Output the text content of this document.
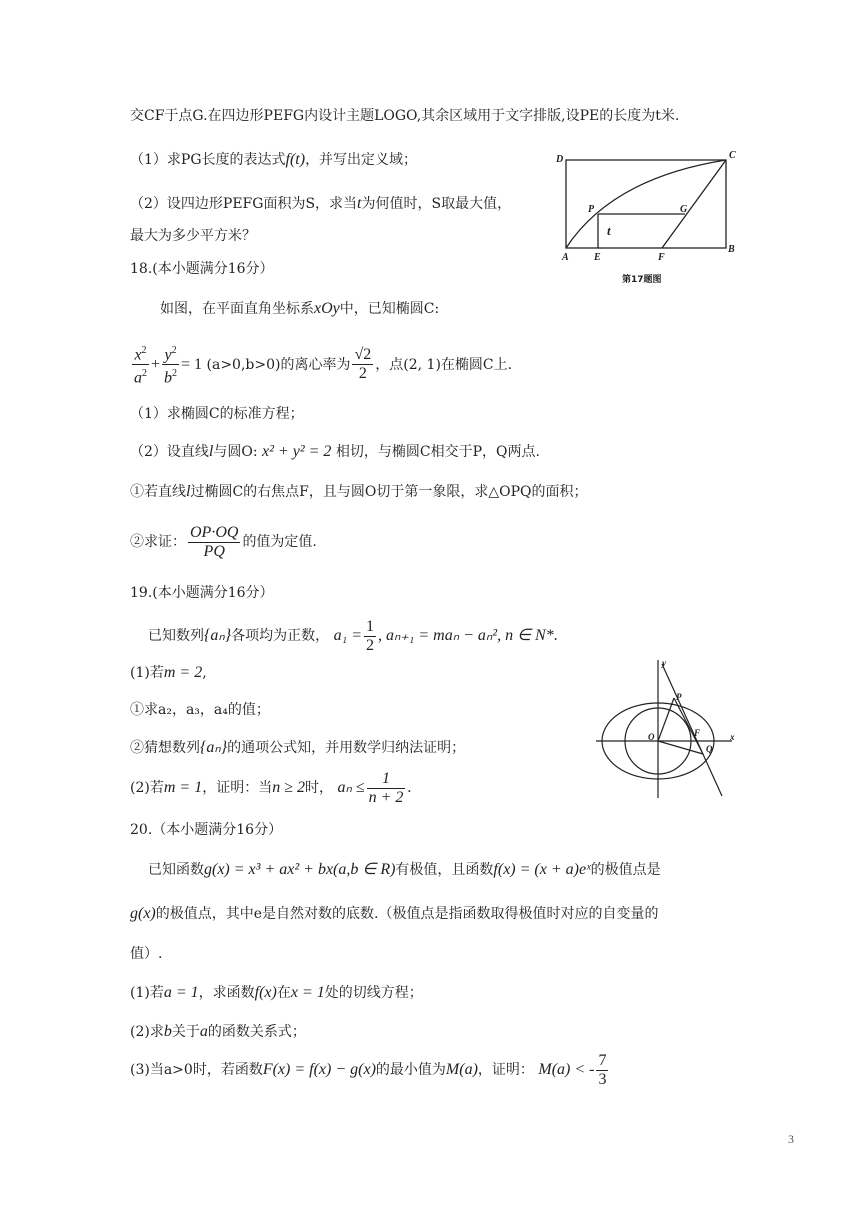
交CF于点G.在四边形PEFG内设计主题LOGO,其余区域用于文字排版,设PE的长度为t米.
（1）求PG长度的表达式f(t)，并写出定义域；
（2）设四边形PEFG面积为S，求当t为何值时，S取最大值，
最大为多少平方米？
D	C
P	G
t
A	E	F
B
第17题图
18.(本小题满分16分）
如图，在平面直角坐标系xOy中，已知椭圆C:
$\frac{x^2}{a^2} + \frac{y^2}{b^2} = 1$ (a>0,b>0)的离心率为 $\frac{√2}{2}$ ，点(2, 1)在椭圆C上.
（1）求椭圆C的标准方程；
（2）设直线l与圆O: x² + y² = 2 相切，与椭圆C相交于P，Q两点.
①若直线l过椭圆C的右焦点F，且与圆O切于第一象限，求△OPQ的面积；
②求证： $\frac{OP\cdot OQ}{PQ}$ 的值为定值.
19.(本小题满分16分）
已知数列{aₙ}各项均为正数， $a_1 = \frac{1}{2}$ , aₙ₊₁ = maₙ − aₙ², n ∈ N*.
(1)若m = 2,
①求a₂，a₃，a₄的值；
②猜想数列{aₙ}的通项公式知，并用数学归纳法证明；
(2)若m = 1，证明：当n ≥ 2时， $a_n \le \frac{1}{n + 2}$ .
y
P
O	F
Q
x
20.（本小题满分16分）
已知函数g(x) = x³ + ax² + bx(a,b ∈ R)有极值，且函数f(x) = (x + a)eˣ的极值点是
g(x)的极值点，其中e是自然对数的底数.（极值点是指函数取得极值时对应的自变量的
值）.
(1)若a = 1，求函数f(x)在x = 1处的切线方程；
(2)求b关于a的函数关系式；
(3)当a>0时，若函数F(x) = f(x) − g(x)的最小值为M(a)，证明： M(a) < - $\frac{7}{3}$
3
